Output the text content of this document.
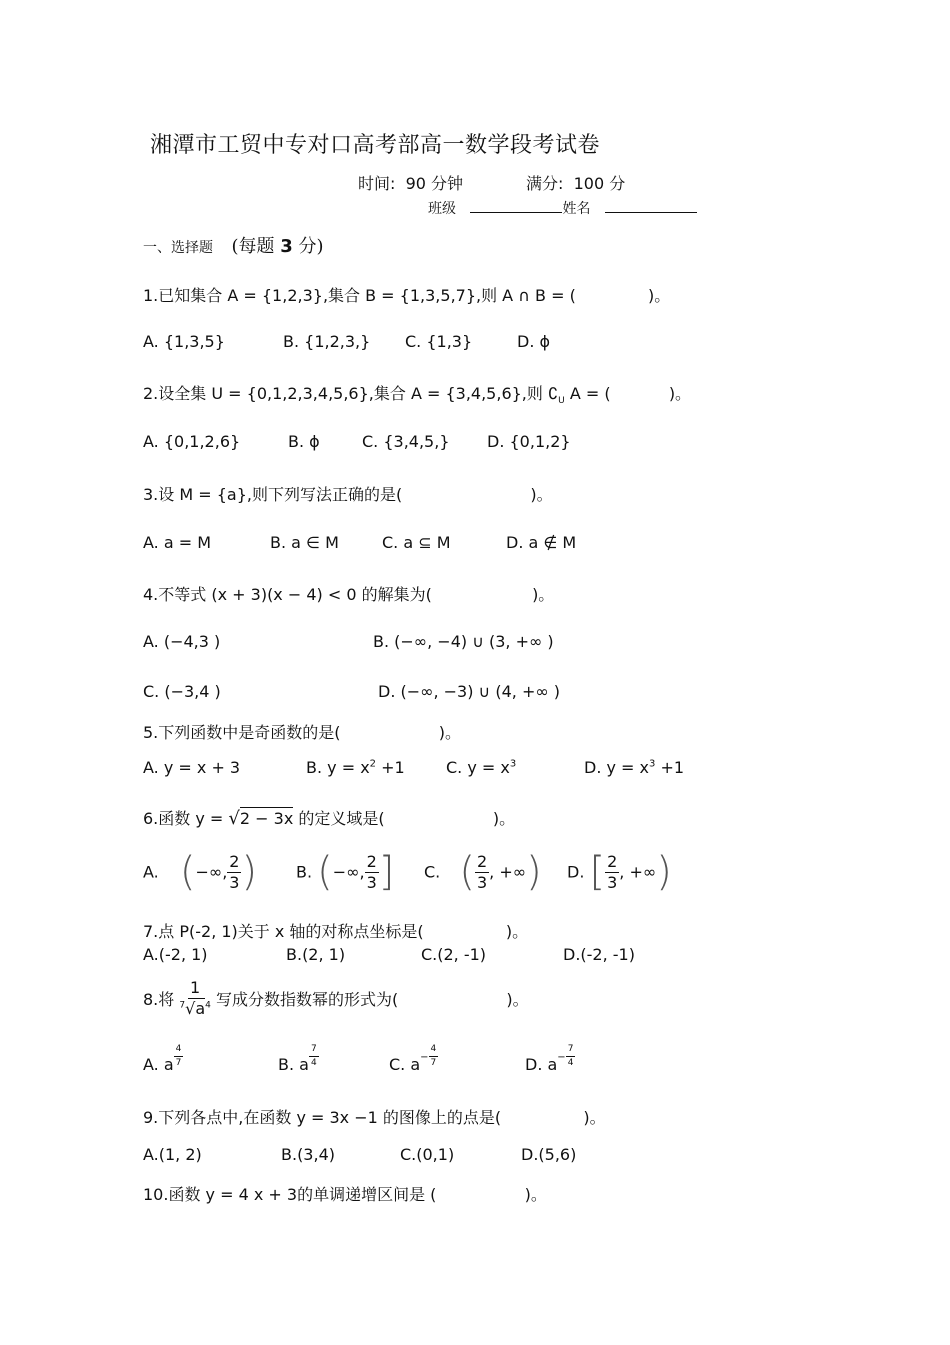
湘潭市工贸中专对口高考部高一数学段考试卷
时间: 90 分钟	满分: 100 分
班级	姓名
一、选择题 (每题 3 分)
1.已知集合 A = {1,2,3},集合 B = {1,3,5,7},则 A ∩ B = (	)。
A. {1,3,5}	B. {1,2,3,} C. {1,3}	D. ϕ
2.设全集 U = {0,1,2,3,4,5,6},集合 A = {3,4,5,6},则 $∁_U$ A = (	)。
A. {0,1,2,6}	B. ϕ	C. {3,4,5,} D. {0,1,2}
3.设 M = {a},则下列写法正确的是(	)。
A. a = M	B. a ∈ M	C. a ⊆ M	D. a ∉ M
4.不等式 (x + 3)(x − 4) < 0 的解集为(	)。
A. (−4,3 )	B. (−∞, −4) ∪ (3, +∞ )
C. (−3,4 )	D. (−∞, −3) ∪ (4, +∞ )
5.下列函数中是奇函数的是(	)。
A. y = x + 3	B. $y = x^2 +1$	C. $y = x^3$	D. $y = x^3 +1$
6.函数 y = √2 − 3x 的定义域是(	)。
A. (−∞, $\frac{2}{3}$ ) B. (−∞, $\frac{2}{3}$ ] C. ( $\frac{2}{3}$ , +∞) D. [ $\frac{2}{3}$ , +∞)
7.点 P(-2, 1)关于 x 轴的对称点坐标是(	)。
A.(-2, 1)	B.(2, 1)	C.(2, -1)	D.(-2, -1)
8.将 $\frac{1}{^7√a^4}$ 写成分数指数幂的形式为(	)。
A. a $\frac{4}{7}$	B. a $\frac{7}{4}$	C. $a^- \frac{4}{7}$	D. $a^- \frac{7}{4}$
9.下列各点中,在函数 y = 3x −1 的图像上的点是(	)。
A.(1, 2)	B.(3,4)	C.(0,1)	D.(5,6)
10.函数 y = 4 x + 3的单调递增区间是 (	)。
